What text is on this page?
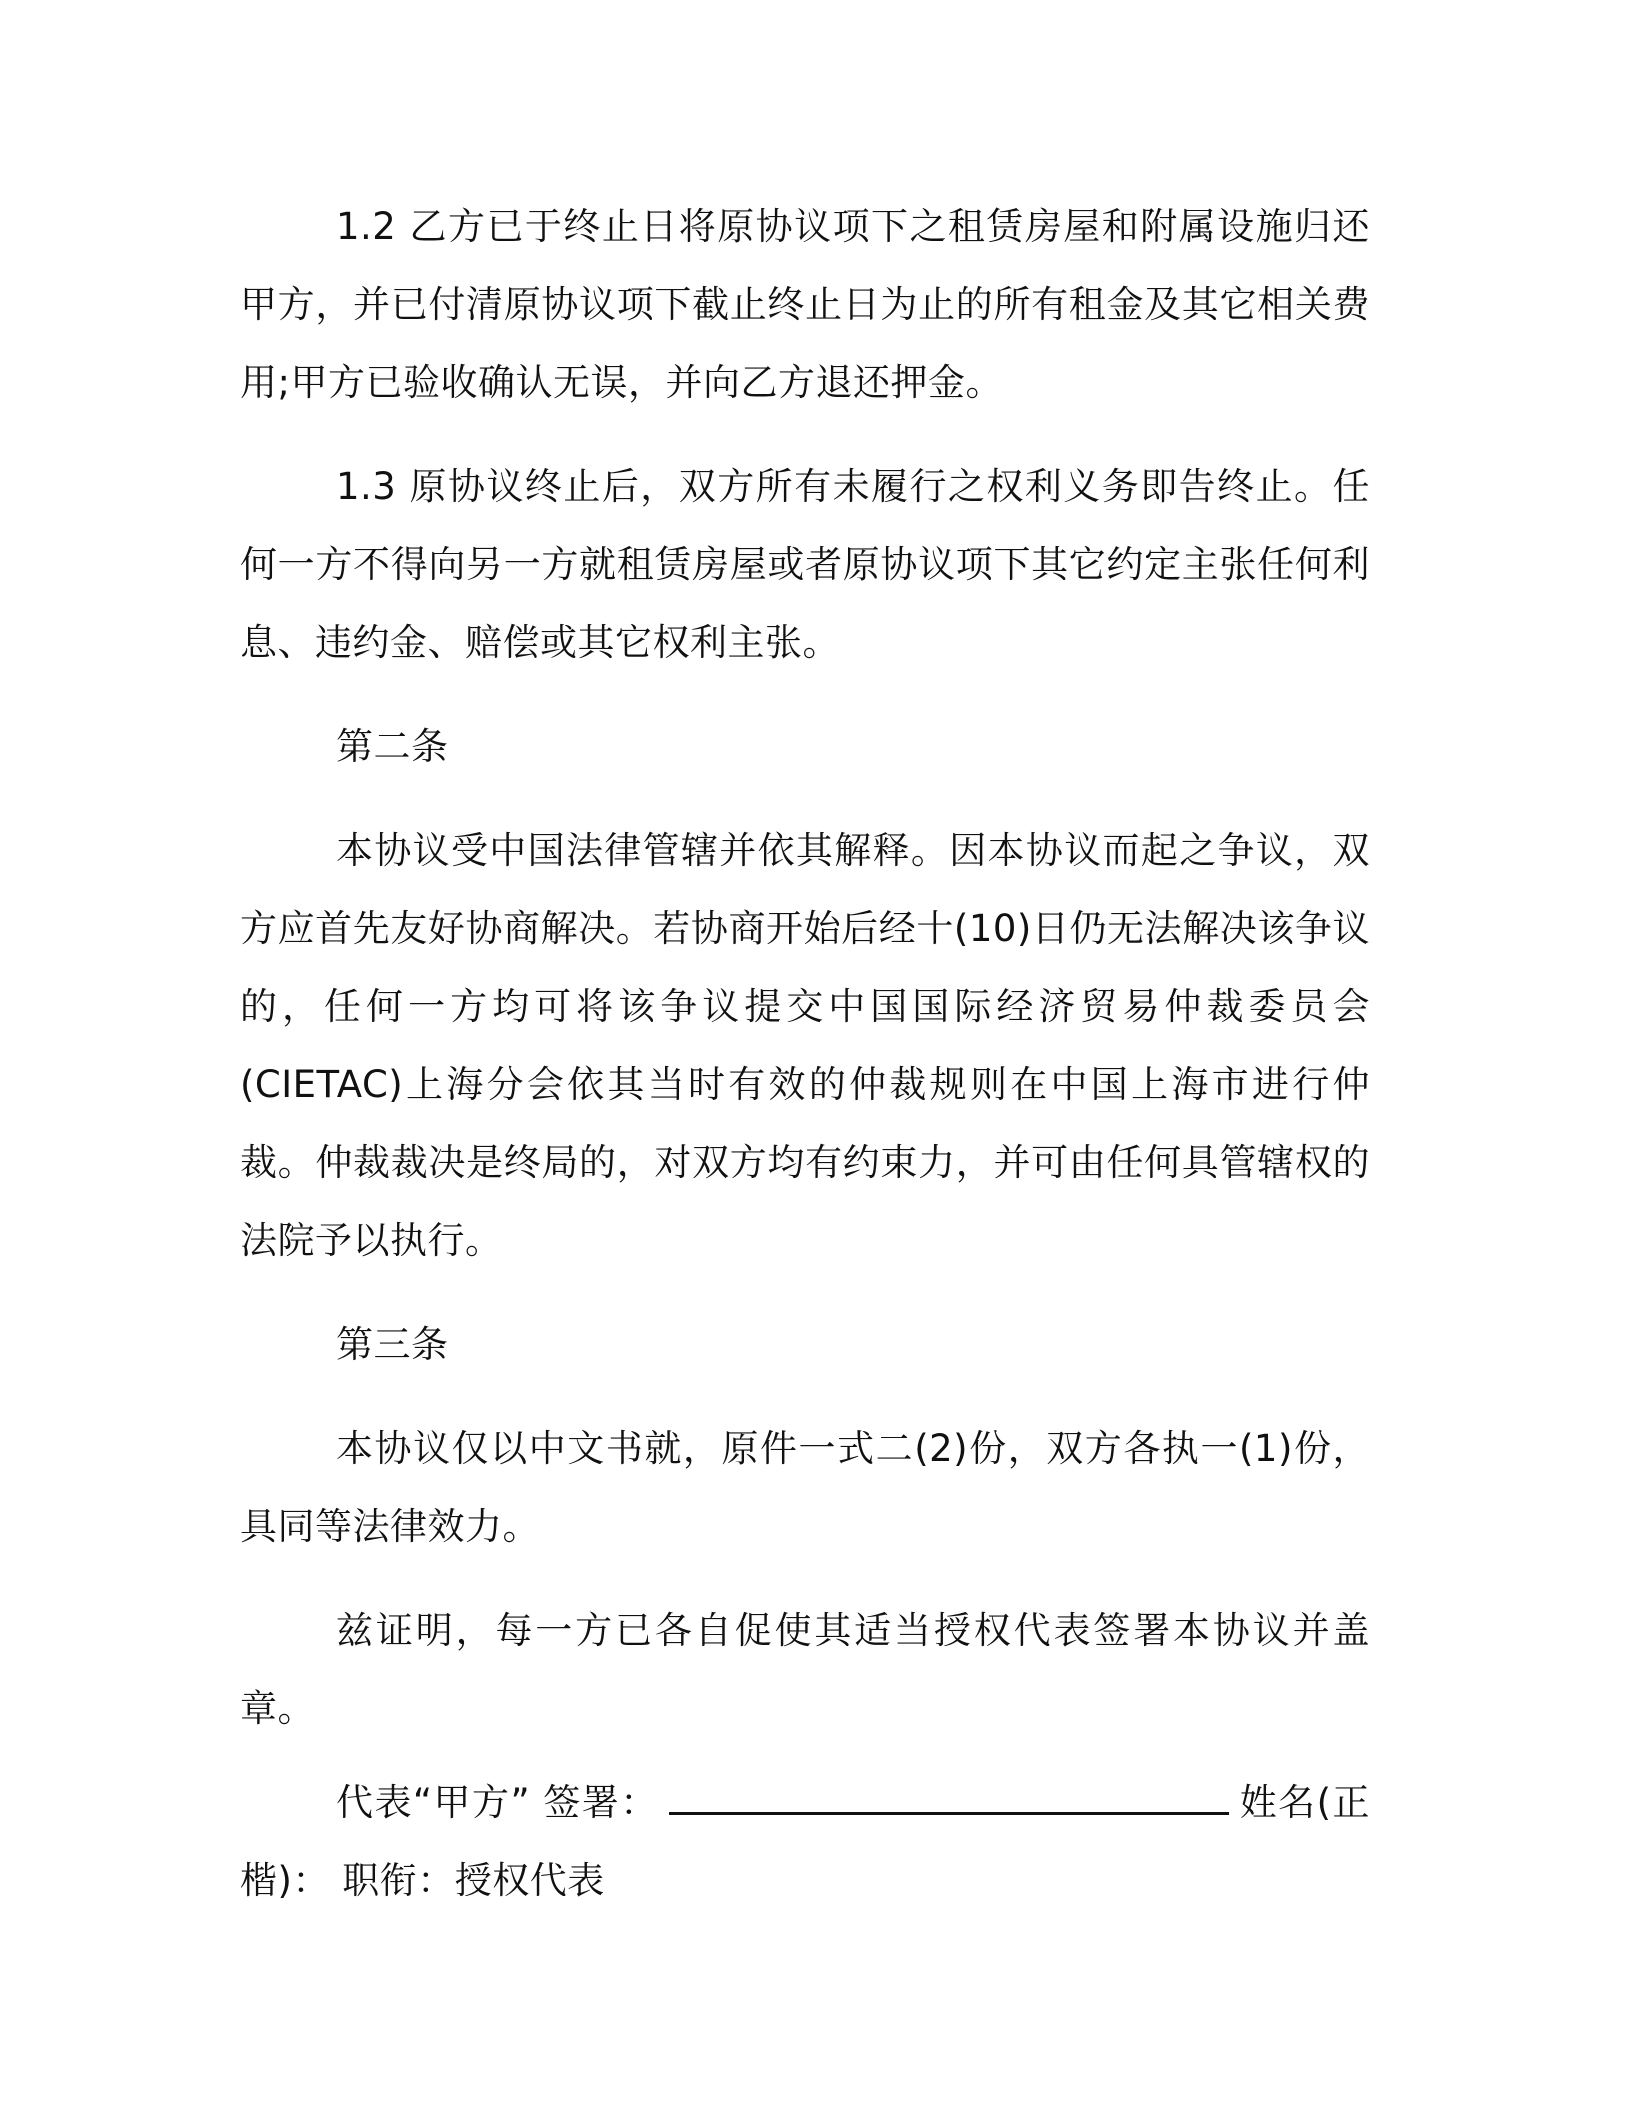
1.2 乙方已于终止日将原协议项下之租赁房屋和附属设施归还甲方，并已付清原协议项下截止终止日为止的所有租金及其它相关费用;甲方已验收确认无误，并向乙方退还押金。

1.3 原协议终止后，双方所有未履行之权利义务即告终止。任何一方不得向另一方就租赁房屋或者原协议项下其它约定主张任何利息、违约金、赔偿或其它权利主张。

第二条

本协议受中国法律管辖并依其解释。因本协议而起之争议，双方应首先友好协商解决。若协商开始后经十(10)日仍无法解决该争议的，任何一方均可将该争议提交中国国际经济贸易仲裁委员会(CIETAC)上海分会依其当时有效的仲裁规则在中国上海市进行仲裁。仲裁裁决是终局的，对双方均有约束力，并可由任何具管辖权的法院予以执行。

第三条

本协议仅以中文书就，原件一式二(2)份，双方各执一(1)份，具同等法律效力。

兹证明，每一方已各自促使其适当授权代表签署本协议并盖章。

代表“甲方” 签署：	姓名(正楷)： 职衔：授权代表
